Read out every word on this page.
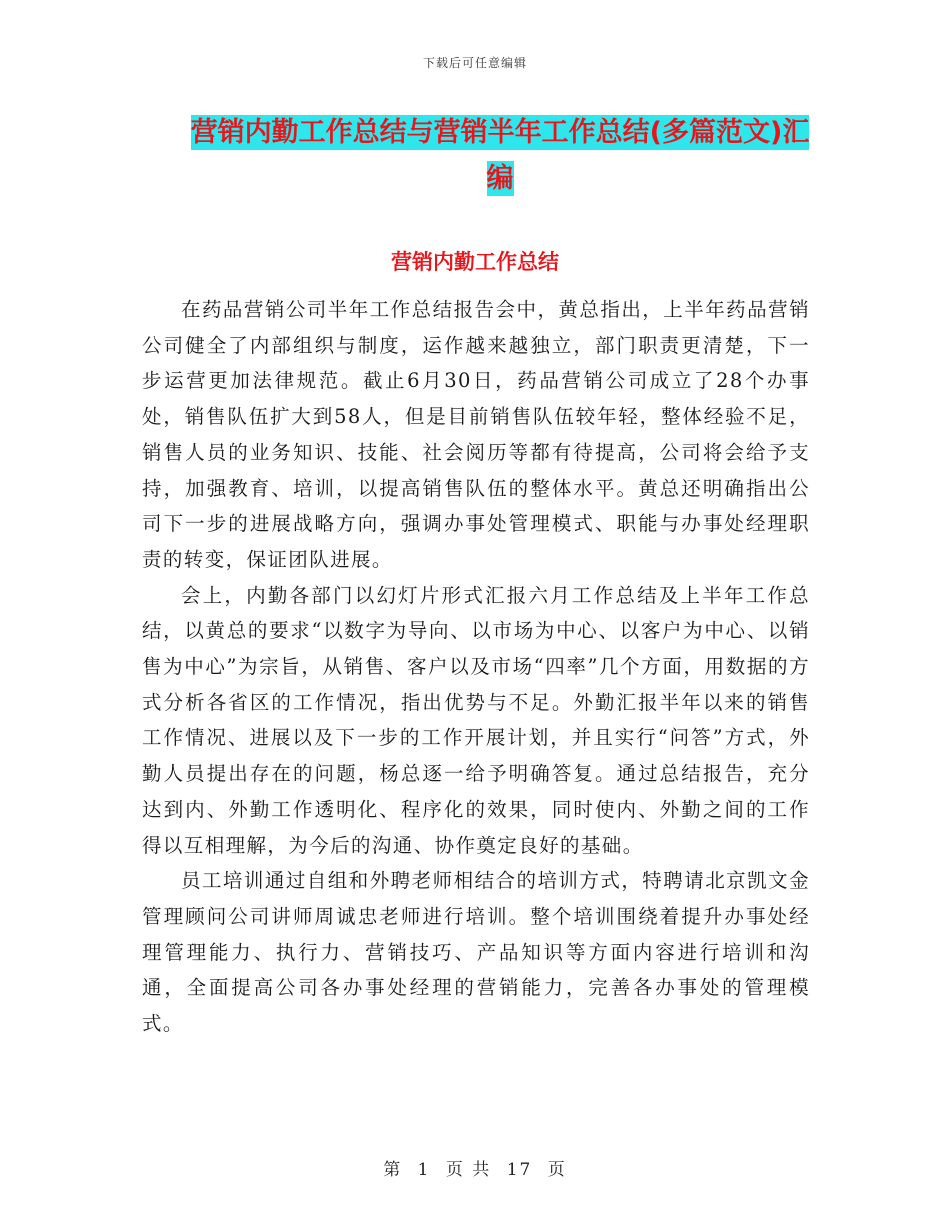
下载后可任意编辑
营销内勤工作总结与营销半年工作总结(多篇范文)汇编
营销内勤工作总结

在药品营销公司半年工作总结报告会中，黄总指出，上半年药品营销公司健全了内部组织与制度，运作越来越独立，部门职责更清楚，下一步运营更加法律规范。截止6月30日，药品营销公司成立了28个办事处，销售队伍扩大到58人，但是目前销售队伍较年轻，整体经验不足，销售人员的业务知识、技能、社会阅历等都有待提高，公司将会给予支持，加强教育、培训，以提高销售队伍的整体水平。黄总还明确指出公司下一步的进展战略方向，强调办事处管理模式、职能与办事处经理职责的转变，保证团队进展。

会上，内勤各部门以幻灯片形式汇报六月工作总结及上半年工作总结，以黄总的要求“以数字为导向、以市场为中心、以客户为中心、以销售为中心”为宗旨，从销售、客户以及市场“四率”几个方面，用数据的方式分析各省区的工作情况，指出优势与不足。外勤汇报半年以来的销售工作情况、进展以及下一步的工作开展计划，并且实行“问答”方式，外勤人员提出存在的问题，杨总逐一给予明确答复。通过总结报告，充分达到内、外勤工作透明化、程序化的效果，同时使内、外勤之间的工作得以互相理解，为今后的沟通、协作奠定良好的基础。

员工培训通过自组和外聘老师相结合的培训方式，特聘请北京凯文金管理顾问公司讲师周诚忠老师进行培训。整个培训围绕着提升办事处经理管理能力、执行力、营销技巧、产品知识等方面内容进行培训和沟通，全面提高公司各办事处经理的营销能力，完善各办事处的管理模式。

第 1 页 共 17 页
